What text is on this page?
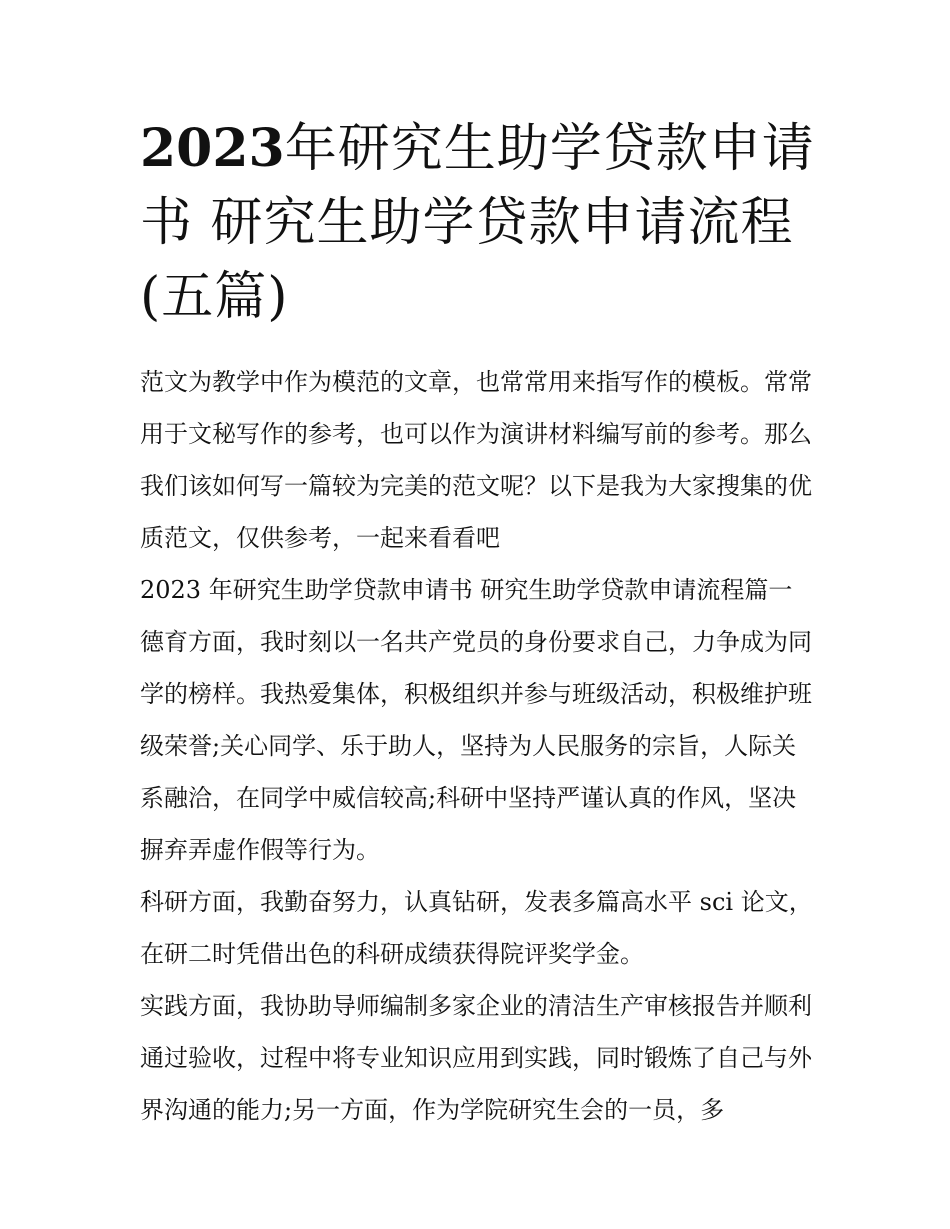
2023年研究生助学贷款申请书 研究生助学贷款申请流程(五篇)

范文为教学中作为模范的文章，也常常用来指写作的模板。常常用于文秘写作的参考，也可以作为演讲材料编写前的参考。那么我们该如何写一篇较为完美的范文呢？以下是我为大家搜集的优质范文，仅供参考，一起来看看吧

2023 年研究生助学贷款申请书 研究生助学贷款申请流程篇一

德育方面，我时刻以一名共产党员的身份要求自己，力争成为同学的榜样。我热爱集体，积极组织并参与班级活动，积极维护班级荣誉;关心同学、乐于助人，坚持为人民服务的宗旨，人际关系融洽，在同学中威信较高;科研中坚持严谨认真的作风，坚决摒弃弄虚作假等行为。

科研方面，我勤奋努力，认真钻研，发表多篇高水平 sci 论文，在研二时凭借出色的科研成绩获得院评奖学金。

实践方面，我协助导师编制多家企业的清洁生产审核报告并顺利通过验收，过程中将专业知识应用到实践，同时锻炼了自己与外界沟通的能力;另一方面，作为学院研究生会的一员，多
